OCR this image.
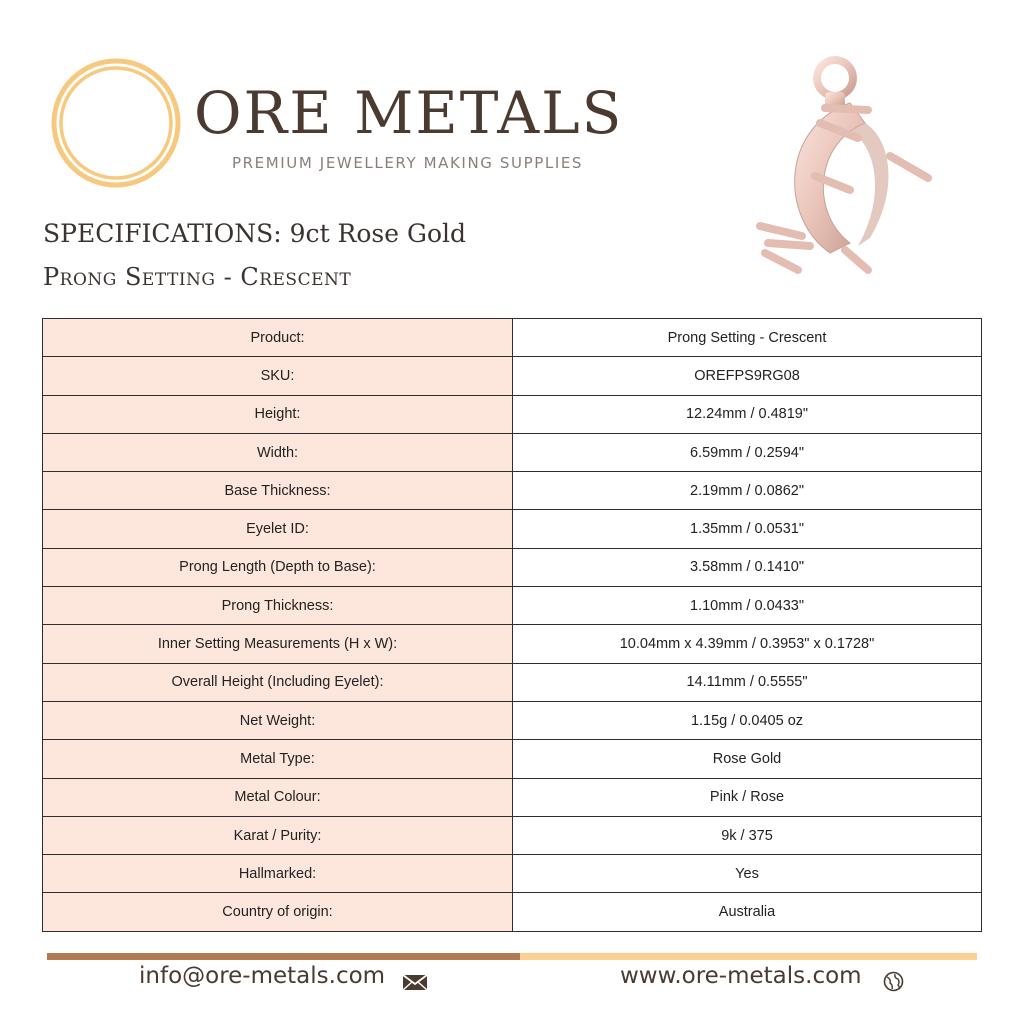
ORE METALS
PREMIUM JEWELLERY MAKING SUPPLIES
SPECIFICATIONS: 9ct Rose Gold
Prong Setting - Crescent
Product:	Prong Setting - Crescent
SKU:	OREFPS9RG08
Height:	12.24mm / 0.4819"
Width:	6.59mm / 0.2594"
Base Thickness:	2.19mm / 0.0862"
Eyelet ID:	1.35mm / 0.0531"
Prong Length (Depth to Base):	3.58mm / 0.1410"
Prong Thickness:	1.10mm / 0.0433"
Inner Setting Measurements (H x W):	10.04mm x 4.39mm / 0.3953" x 0.1728"
Overall Height (Including Eyelet):	14.11mm / 0.5555"
Net Weight:	1.15g / 0.0405 oz
Metal Type:	Rose Gold
Metal Colour:	Pink / Rose
Karat / Purity:	9k / 375
Hallmarked:	Yes
Country of origin:	Australia
info@ore-metals.com	www.ore-metals.com
